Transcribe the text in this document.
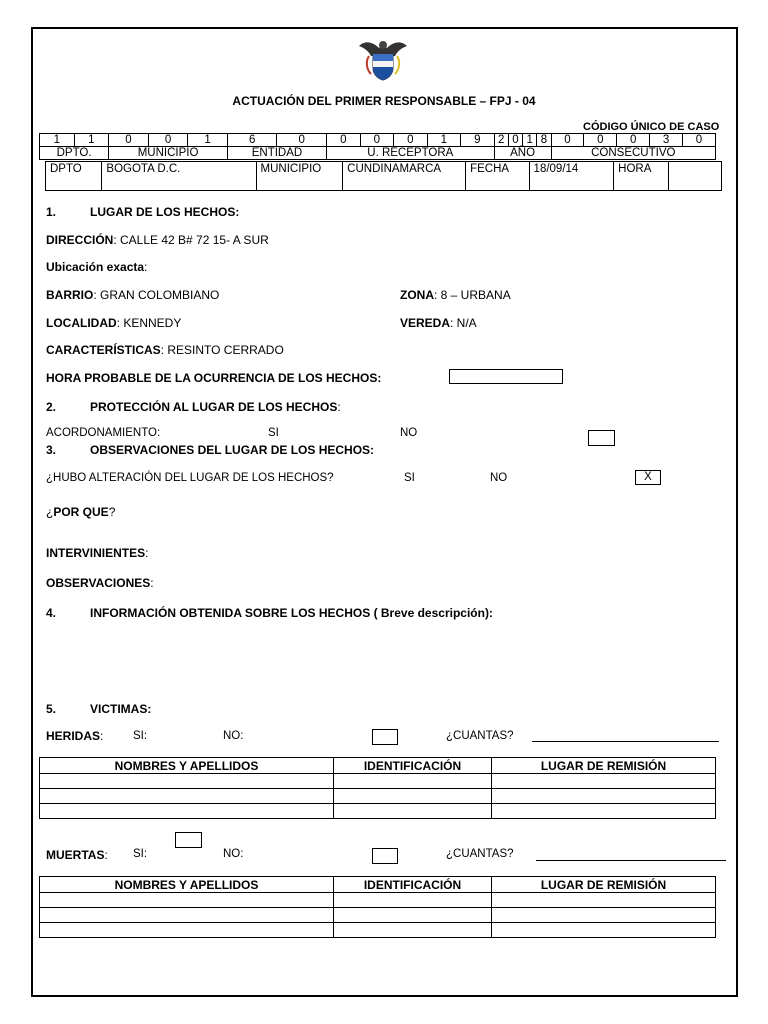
ACTUACIÓN DEL PRIMER RESPONSABLE – FPJ - 04
CÓDIGO ÚNICO DE CASO
1	1	0	0	1	6	0	0	0	0	1	9	2	0	1	8	0	0	0	3	0
DPTO.		MUNICIPIO			ENTIDAD		U. RECEPTORA					AÑO				CONSECUTIVO				
DPTO	BOGOTA D.C.	MUNICIPIO	CUNDINAMARCA	FECHA	18/09/14	HORA	
1.	LUGAR DE LOS HECHOS:
DIRECCIÓN: CALLE 42 B# 72 15- A SUR
Ubicación exacta:
BARRIO: GRAN COLOMBIANO	ZONA: 8 – URBANA
LOCALIDAD: KENNEDY	VEREDA: N/A
CARACTERÍSTICAS: RESINTO CERRADO
HORA PROBABLE DE LA OCURRENCIA DE LOS HECHOS:
2.	PROTECCIÓN AL LUGAR DE LOS HECHOS:
ACORDONAMIENTO:	SI	NO
3.	OBSERVACIONES DEL LUGAR DE LOS HECHOS:
¿HUBO ALTERACIÓN DEL LUGAR DE LOS HECHOS?	SI	NO	X
¿POR QUE?
INTERVINIENTES:
OBSERVACIONES:
4.	INFORMACIÓN OBTENIDA SOBRE LOS HECHOS ( Breve descripción):
5.	VICTIMAS:
HERIDAS:	SI:	NO:	¿CUANTAS?
NOMBRES Y APELLIDOS	IDENTIFICACIÓN	LUGAR DE REMISIÓN

MUERTAS: SI:	NO:	¿CUANTAS?
NOMBRES Y APELLIDOS	IDENTIFICACIÓN	LUGAR DE REMISIÓN
